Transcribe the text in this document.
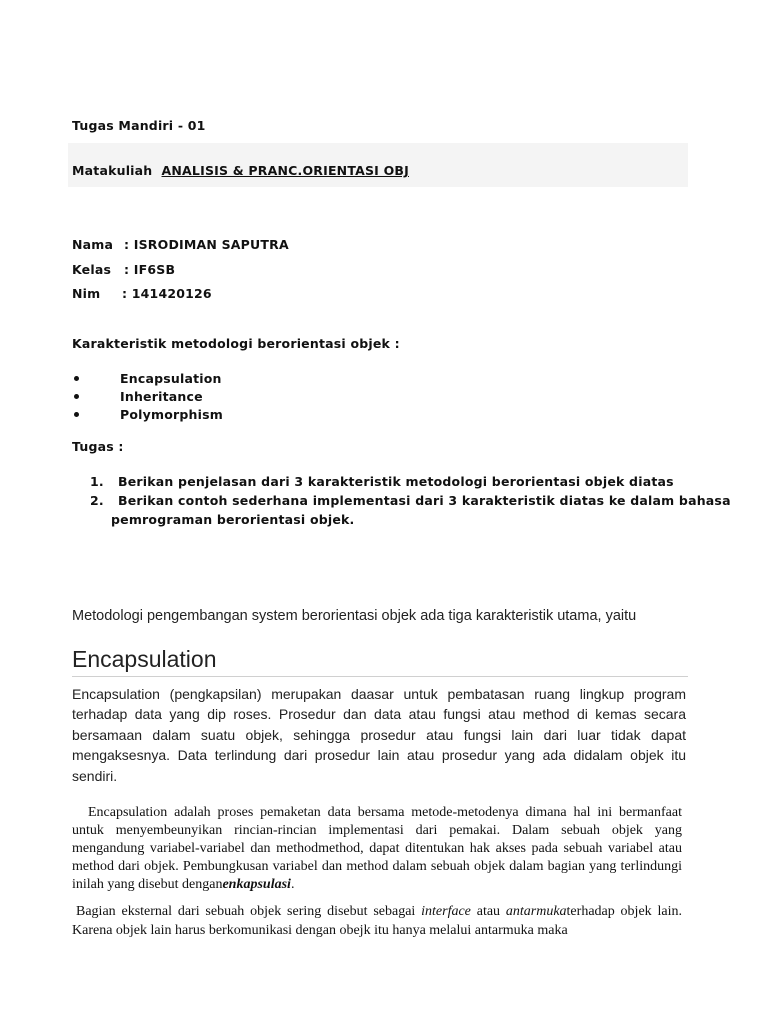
Tugas Mandiri - 01
Matakuliah ANALISIS & PRANC.ORIENTASI OBJ
Nama : ISRODIMAN SAPUTRA
Kelas : IF6SB
Nim : 141420126
Karakteristik metodologi berorientasi objek :
Encapsulation
Inheritance
Polymorphism
Tugas :
1. Berikan penjelasan dari 3 karakteristik metodologi berorientasi objek diatas
2. Berikan contoh sederhana implementasi dari 3 karakteristik diatas ke dalam bahasa
pemrograman berorientasi objek.
Metodologi pengembangan system berorientasi objek ada tiga karakteristik utama, yaitu
Encapsulation
Encapsulation (pengkapsilan) merupakan daasar untuk pembatasan ruang lingkup program terhadap data yang dip roses. Prosedur dan data atau fungsi atau method di kemas secara bersamaan dalam suatu objek, sehingga prosedur atau fungsi lain dari luar tidak dapat mengaksesnya. Data terlindung dari prosedur lain atau prosedur yang ada didalam objek itu sendiri.
Encapsulation adalah proses pemaketan data bersama metode-metodenya dimana hal ini bermanfaat untuk menyembeunyikan rincian-rincian implementasi dari pemakai. Dalam sebuah objek yang mengandung variabel-variabel dan methodmethod, dapat ditentukan hak akses pada sebuah variabel atau method dari objek. Pembungkusan variabel dan method dalam sebuah objek dalam bagian yang terlindungi inilah yang disebut denganenkapsulasi.
Bagian eksternal dari sebuah objek sering disebut sebagai interface atau antarmukaterhadap objek lain. Karena objek lain harus berkomunikasi dengan obejk itu hanya melalui antarmuka maka
